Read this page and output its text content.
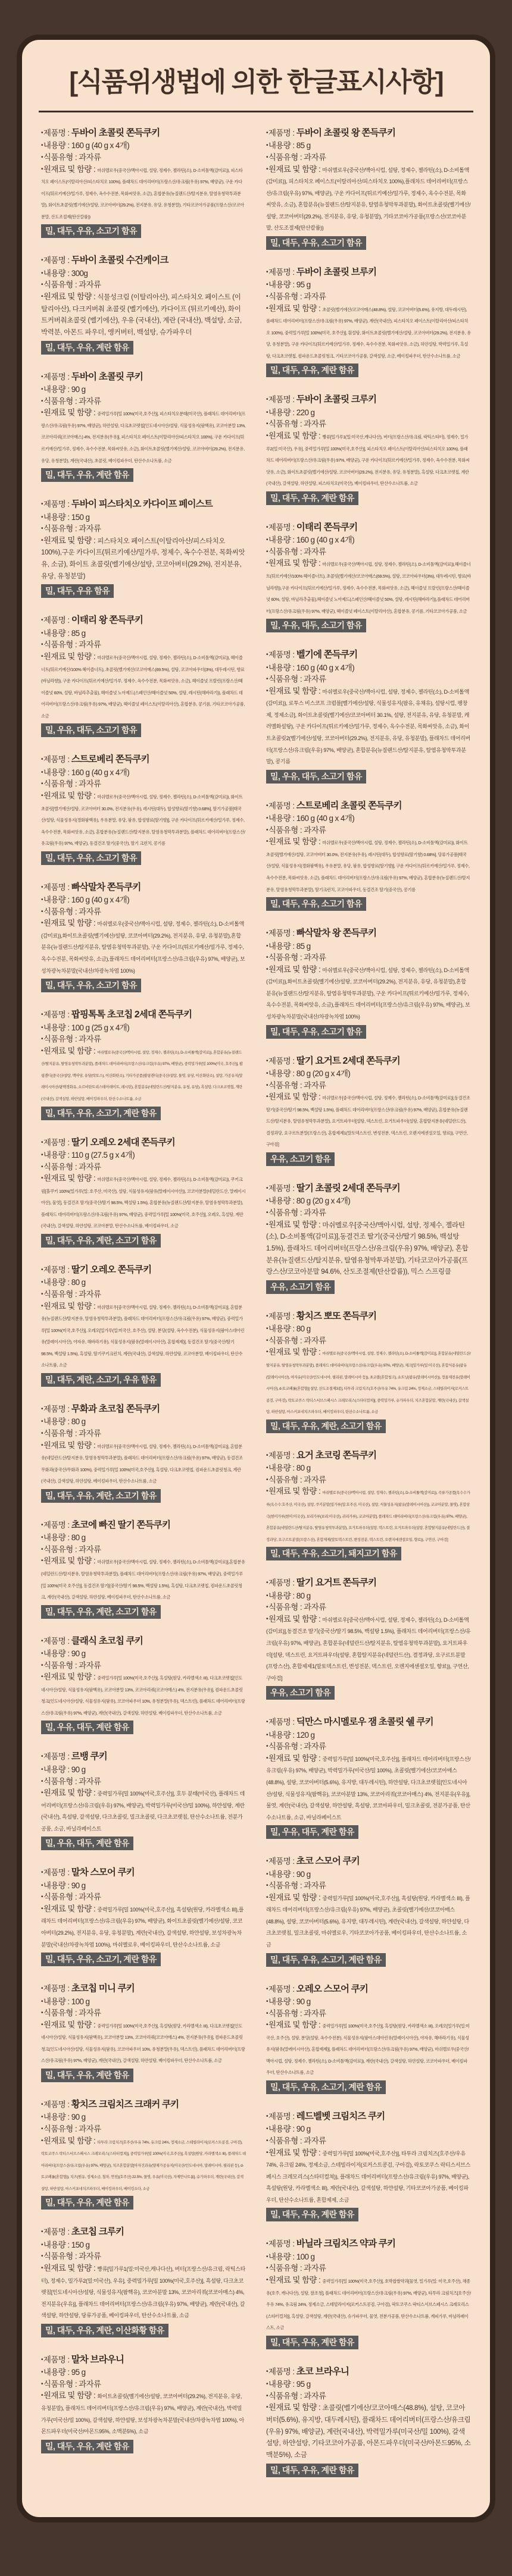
[식품위생법에 의한 한글표시사항]
•제품명 : 두바이 초콜릿 쫀득쿠키
•내용량 : 160 g (40 g x 4개)
•식품유형 : 과자류
•원재료 및 함량 : 마쉬멜로우(중국산/맥아시럽, 설탕, 정제수, 젤라틴(소), D-소비톨액(감미료)), 피스타치오 페이스트(이탈리아산/피스타치오 100%), 플래차드 데어리버터(프랑스산/유크림(우유) 97%, 배양균), 구운 카다이프(튀르키예산/밀가루, 정제수, 옥수수전분, 목화씨앗유, 소금), 혼합분유(뉴질랜드산/탈지분유, 탈염유청막투과분말), 화이트초콜릿(벨기에산/설탕, 코코아버터(29.2%), 전지분유, 유당, 유청분말), 기타코코아가공품(프랑스산/코코아분말, 산도조절제(탄산칼륨))
밀, 대두, 우유, 소고기 함유
•제품명 : 두바이 초콜릿 수건케이크
•내용량 : 300g
•식품유형 : 과자류
•원재료 및 함량 : 식물성크림 (이탈리아산), 피스타치오 페이스트 (이탈리아산), 다크커버춰 초콜릿 (벨기에산), 카다이프 (튀르키예산), 화이트커버춰초콜릿 (벨기에산), 우유 (국내산), 계란 (국내산), 백설탕, 소금, 박력분, 아몬드 파우더, 앵커버터, 백설탕, 슈가파우더
밀, 대두, 우유, 계란 함유
•제품명 : 두바이 초콜릿 쿠키
•내용량 : 90 g
•식품유형 : 과자류
•원재료 및 함량 : 중력밀가루[밀 100%(미국,호주산)], 피스타치오분태(미국산), 플래차드 데어리버터(프랑스산/유크림(우유) 97%, 배양균), 하얀설탕, 다크초코렛칩[인도네시아산/설탕, 식물성유지(팜핵유), 코코아분말 13%, 코코아리쿼(코코아매스) 4%, 전지분유(우유)], 피스타치오 페이스트(이탈리아산/피스타치오 100%), 구운 카다이프(튀르키예산/밀가루, 정제수, 옥수수전분, 목화씨앗유, 소금), 화이트초콜릿(벨기에산/설탕, 코코아버터(29.2%), 전지분유, 유당, 유청분말), 계란(국내산), 초콜릿, 베이킹파우더, 탄산수소나트륨, 소금
밀, 대두, 우유, 계란 함유
•제품명 : 두바이 피스타치오 카다이프 페이스트
•내용량 : 150 g
•식품유형 : 과자류
•원재료 및 함량 : 피스타치오 페이스트(이탈리아산/피스타치오 100%),구운 카다이프(튀르키예산/밀가루, 정제수, 옥수수전분, 목화씨앗유, 소금), 화이트 초콜릿(벨기에산/설탕, 코코아버터(29.2%), 전지분유, 유당, 유청분말)
밀, 대두, 우유 함유
•제품명 : 이태리 왕 쫀득쿠키
•내용량 : 85 g
•식품유형 : 과자류
•원재료 및 함량 : 마쉬멜로우(중국산/맥아시럽, 설탕, 정제수, 젤라틴(소), D-소비톨액(감미료)), 헤이즐너트(튀르키예산/100% 헤이즐너트), 초콜릿(벨기에산/코코아매스(69.5%), 설탕, 코코아파우더(3%), 대두레시틴, 향료(바닐라향)), 구운 카다이프(튀르키예산/밀가루, 정제수, 옥수수전분, 목화씨앗유, 소금), 헤이즐넛 프랄린(프랑스산/헤이즐넛 60%, 설탕, 바닐라추출물), 헤이즐넛 노아제드(스페인산/헤이즐넛 50%, 설탕, 레시틴(해바라기)), 플래차드 데어리버터(프랑스산/유크림(우유) 97%, 배양균), 헤이즐넛 페이스트(이탈리아산), 혼합분유, 콩기름, 기타코코아가공품, 소금
밀, 우유, 대두, 소고기 함유
•제품명 : 스트로베리 쫀득쿠키
•내용량 : 160 g (40 g x 4개)
•식품유형 : 과자류
•원재료 및 함량 : 마쉬멜로우(중국산/맥아시럽, 설탕, 정제수, 젤라틴(소), D-소비톨액(감미료)), 화이트초콜릿[벨기에산/설탕, 코코아버터 30.0%, 전지분유(우유), 레시틴(대두), 합성향료(딸기향) 0.68%], 딸기가공품[태국산/설탕, 식물성유지(경화팜핵유), 우유분말, 유당, 팜유, 합성향료(딸기향)], 구운 카다이프(튀르키예산/밀가루, 정제수, 옥수수전분, 목화씨앗유, 소금), 혼합분유(뉴질랜드산/탈지분유, 탈염유청막투과분말), 플래차드 데어리버터(프랑스산/유크림(우유) 97%, 배양균), 동결건조 딸기(중국산), 딸기 크런치, 콩기름
밀, 대두, 우유, 소고기 함유
•제품명 : 빠삭말차 쫀득쿠키
•내용량 : 160 g (40 g x 4개)
•식품유형 : 과자류
•원재료 및 함량 : 마쉬멜로우(중국산/맥아시럽, 설탕, 정제수, 젤라틴(소), D-소비톨액(감미료)),화이트초콜릿(벨기에산/설탕, 코코아버터(29.2%), 전지분유, 유당, 유청분말),혼합분유(뉴질랜드산/탈지분유, 탈염유청막투과분말), 구운 카다이프(튀르키예산/밀가루, 정제수, 옥수수전분, 목화씨앗유, 소금),플래차드 데어리버터(프랑스산/유크림(우유) 97%, 배양균), 보성차광녹차분말(국내산/차광녹차엽 100%)
밀, 대두, 우유, 소고기 함유
•제품명 : 팝핑톡톡 초코칩 2세대 쫀득쿠키
•내용량 : 100 g (25 g x 4개)
•식품유형 : 과자류
•원재료 및 함량 : 마쉬멜로우(중국산/맥아시럽, 설탕, 정제수, 젤라틴(소), D-소비톨액(감미료)), 혼합분유(뉴질랜드산/탈지분유, 탈염유청막투과분말), 플래차드 데어리버터(프랑스산/유크림(우유) 97%, 배양균), 중력밀가루[밀 100%(미국, 호주산)], 팝핑캔디(중국산/설탕, 맥아당, 유당(락토스), 이산화탄소), 기타가공품(팝핑캔디(중국산/설탕, 물엿, 유당, 이산화탄소), 설탕, 가공유지(말레이시아산/팜핵경화유, 소르비탄트리스테아레이트, 레시틴), 혼합분유(네덜란드산/탈지분유, 유청, 유당), 흑설탕, 다크초코렛칩, 계란(국내산), 갈색설탕, 하얀설탕, 베이킹파우더, 탄산수소나트륨, 소금
밀, 대두, 우유, 소고기, 계란 함유
•제품명 : 딸기 오레오 2세대 쫀득쿠키
•내용량 : 110 g (27.5 g x 4개)
•식품유형 : 과자류
•원재료 및 함량 : 마쉬멜로우(중국산/맥아시럽, 설탕, 정제수, 젤라틴(소), D-소비톨액(감미료)), 쿠키크럼[홀쿠키 100%(밀가루(밀: 호주산, 미국산), 설탕, 식물성유지(팜유(말레이시아산)), 코코아분말(네덜란드산, 말레이시아산), 물엿], 동결건조 딸기(중국산/딸기 98.5%, 백설탕 1.5%), 혼합분유(뉴질랜드산/탈지분유, 탈염유청막투과분말), 플래차드 데어리버터(프랑스산/유크림(우유) 97%, 배양균), 중력밀가루[밀 100%(미국, 호주산)], 오레오, 흑설탕, 계란(국내산), 갈색설탕, 하얀설탕, 코코아분말, 탄산수소나트륨, 베이킹파우더, 소금
밀, 대두, 우유, 계란, 소고기 함유
•제품명 : 딸기 오레오 쫀득쿠키
•내용량 : 80 g
•식품유형 : 과자류
•원재료 및 함량 : 마쉬멜로우[중국산/맥아시럽, 설탕, 정제수, 젤라틴(소), D-소비톨액(감미료)], 혼합분유(뉴질랜드산/탈지분유, 탈염유청막투과분말), 플래차드 데어리버터(프랑스산/유크림(우유) 97%, 배양균), 중력밀가루[밀 100%(미국,호주산)], 오레오[밀가루(밀:미국산, 호주산), 설탕, 분당(설탕, 옥수수전분), 식물성유지(팜아스데아린유(말레이시아산), 야자유, 해바라기유), 식물성유지(팜유(말레이시아산), 혼합제제)], 동결건조 딸기(중국산/딸기 98.5%, 백설탕 1.5%), 흑설탕, 딸기쿠키크런치, 계란(국내산), 갈색설탕, 하얀설탕, 코코아분말, 베이킹파우더, 탄산수소나트륨, 소금
밀, 대두, 계란, 소고기, 우유 함유
•제품명 : 무화과 초코칩 쫀득쿠키
•내용량 : 80 g
•식품유형 : 과자류
•원재료 및 함량 : 마쉬멜로우[중국산/맥아시럽, 설탕, 정제수, 젤라틴(소), D-소비톨액(감미료)], 혼합분유(네덜란드산/탈지분유, 탈염유청막투과분말), 플래차드 데어리버터(프랑스산/유크림(우유) 97%, 배양균), 동결건조 무화과(중국산/무화과 100%), 중력밀가루[밀 100%(미국,호주산)], 흑설탕, 다크초코렛칩, 컴파운드초콜릿청크, 계란(국내산), 갈색설탕, 하얀설탕, 베이킹파우더, 탄산수소나트륨, 소금
밀, 대두, 우유, 계란, 소고기 함유
•제품명 : 초코에 빠진 딸기 쫀득쿠키
•내용량 : 80 g
•식품유형 : 과자류
•원재료 및 함량 : 마쉬멜로우[중국산/맥아시럽, 설탕, 정제수, 젤라틴(소), D-소비톨액(감미료)],혼합분유(네덜란드산/탈지분유, 탈염유청막투과분말), 플래차드 데어리버터(프랑스산/유크림(우유) 97%, 배양균), 중력밀가루[밀 100%(미국 호주산)], 동결건조 딸기[(중국산/딸기 98.5%, 백설탕 1.5%), 흑설탕, 다크초코렛칩, 컴파운드초콜릿청크, 계란(국내산), 갈색설탕, 하얀설탕, 베이킹파우더, 탄산수소나트륨, 소금
밀, 대두, 우유, 계란, 소고기 함유
•제품명 : 클래식 초코칩 쿠키
•내용량 : 90 g
•식품유형 : 과자류
•원재료 및 함량 : 중력밀가루[밀 100%(미국,호주산)], 흑설탕(원당, 카라멜색소 III), 다크초코렛칩[인도네시아산/설탕, 식물성유지(팜핵유), 코코아분말 13%, 코코아리쿼(코코아매스) 4%, 전지분유(우유)], 컴파운드초콜릿청크(인도네시아산/설탕, 식물성유지(팜유), 코코아파우더 10%, 유청분말(우유), 덱스트린), 플래차드 데어리버터(프랑스산/유크림(우유) 97%, 배양균), 계란(국내산), 갈색설탕, 하얀설탕, 베이킹파우더, 탄산수소나트륨, 소금
밀, 우유, 대두, 계란 함유
•제품명 : 르뱅 쿠키
•내용량 : 90 g
•식품유형 : 과자류
•원재료 및 함량 : 중력밀가루[밀 100%(미국,호주산)], 호두 분태(미국산), 플래차드 데어리버터(프랑스산/유크림(우유) 97%, 배양균), 박력밀가루(미국산/밀 100%), 하얀설탕, 계란(국내산), 흑설탕, 갈색설탕, 다크초콜릿, 밀크초콜릿, 다크초코렛칩, 탄산수소나트륨, 전분가공품, 소금, 바닐라페이스트
밀, 우유, 대두, 계란 함유
•제품명 : 말차 스모어 쿠키
•내용량 : 90 g
•식품유형 : 과자류
•원재료 및 함량 : 중력밀가루[밀 100%(미국,호주산)], 흑설탕(원당, 카라멜색소 III),플래차드 데어리버터(프랑스산/유크림(우유) 97%, 배양균), 화이트초콜릿(벨기에산/설탕, 코코아버터(29.2%), 전지분유, 유당, 유청분말), 계란(국내산), 갈색설탕, 하얀설탕, 보성차광녹차분말(국내산/차광녹차엽 100%), 마쉬멜로우, 베이킹파우더, 탄산수소나트륨, 소금
밀, 대두, 우유, 소고기, 계란 함유
•제품명 : 초코칩 미니 쿠키
•내용량 : 100 g
•식품유형 : 과자류
•원재료 및 함량 : 중력밀가루[밀 100%(미국,호주산)], 흑설탕(원당, 카라멜색소 III), 다크초코렛칩[인도네시아산/설탕, 식물성유지(팜핵유), 코코아분말 13%, 코코아리쿼(코코아매스) 4%, 전지분유(우유)], 컴파운드초콜릿청크(인도네시아산/설탕, 식물성유지(팜유), 코코아파우더 10%, 유청분말(우유), 덱스트린), 플래차드 데어리버터(프랑스산/유크림(우유) 97%, 배양균), 계란(국내산), 갈색설탕, 하얀설탕, 베이킹파우더, 탄산수소나트륨, 소금
밀, 대두, 우유, 계란 함유
•제품명 : 황치즈 크림치즈 크래커 쿠키
•내용량 : 90 g
•식품유형 : 과자류
•원재료 및 함량 : 타투라 크림치즈[호주산/우유 74%, 유크림 24%, 정제소금, 스테빌라이저(로커스트콩검, 구아검), 락토코쿠스 락티스서브스페시스 크레모리스(스타터컬쳐)], 중력밀가루[밀 100%(미국,호주산)], 흑설탕(원당, 카라멜색소 III), 플래차드 데어리버터(프랑스산/유크림(우유) 97%, 배양균), 치즈혼합분말[아자건과유(양제가공유지(미국산/인도네시아, 말레이시아, 필리핀 등), d-토코페롤(혼합형)), 치즈(원유, 정제소금, 첨차, 연친)(호주산) 22.5%, 물엿, 우유(미국산), 자제안나트륨], 슈가파우더, 계란(국내산), 갈색설탕, 하얀설탕, 마스커포네치즈파우더, 베이킹파우더, 베이킹소다, 소금
밀, 대두, 우유, 계란 함유
•제품명 : 초코칩 크루키
•내용량 : 150 g
•식품유형 : 과자류
•원재료 및 함량 : 빵류[밀가루1(밀:미국산,캐나다산), 버터(프랑스산/유크림, 락틱스타터), 정제수, 밀가루2(밀:미국산), 우유], 중력밀가루[밀 100%(미국,호주산)], 흑설탕, 다크초코렛칩[인도네시아산/설탕, 식물성유지(팜핵유), 코코아분말 13%, 코코아리쿼(코코아매스) 4%, 전지분유(우유)], 플래차드 데어리버터(프랑스산/유크림(우유) 97%, 배양균), 계란(국내산), 갈색설탕, 하얀설탕, 당류가공품, 베이킹파우더, 탄산수소나트륨, 소금
밀, 대두, 우유, 계란, 이산화황 함유
•제품명 : 말차 브라우니
•내용량 : 95 g
•식품유형 : 과자류
•원재료 및 함량 : 화이트초콜릿(벨기에산/설탕, 코코아버터(29.2%), 전지분유, 유당, 유청분말), 플래차드 데어리버터(프랑스산/유크림(우유) 97%, 배양균), 계란(국내산), 박력밀가루(미국산/밀 100%), 갈색설탕, 하얀설탕, 보성차광녹차분말(국내산/차광녹차엽 100%), 아몬드파우더(미국산/아몬드95%, 소맥분5%), 소금
밀, 대두, 우유, 계란 함유
•제품명 : 두바이 초콜릿 왕 쫀득쿠키
•내용량 : 85 g
•식품유형 : 과자류
•원재료 및 함량 : 마쉬멜로우(중국산/맥아시럽, 설탕, 정제수, 젤라틴(소), D-소비톨액(감미료)), 피스타치오 페이스트(이탈리아산/피스타치오 100%),플래차드 데어리버터(프랑스산/유크림(우유) 97%, 배양균), 구운 카다이프(튀르키예산/밀가루, 정제수, 옥수수전분, 목화씨앗유, 소금), 혼합분유(뉴질랜드산/탈지분유, 탈염유청막투과분말), 화이트초콜릿(벨기에산/설탕, 코코아버터(29.2%), 전지분유, 유당, 유청분말), 기타코코아가공품(프랑스산/코코아분말, 산도조절제(탄산칼륨))
밀, 대두, 우유, 소고기 함유
•제품명 : 두바이 초콜릿 브루키
•내용량 : 95 g
•식품유형 : 과자류
•원재료 및 함량 : 초콜릿(벨기에산/코코아매스(48.8%), 설탕, 코코아버터(5.6%), 유지방, 대두레시틴), 플래차드 데어리버터(프랑스산/유크림(우유) 97%, 배양균), 계란(국내산), 피스타치오 페이스트(이탈리아산/피스타치오 100%), 중력밀가루[밀 100%(미국, 호주산)], 흰설탕, 화이트초콜릿(벨기에산/설탕, 코코아버터(29.2%), 전지분유, 유당, 유청분말), 구운 카다이프(튀르키예산/밀가루, 정제수, 옥수수전분, 목화씨앗유, 소금), 하얀설탕, 박력밀가루, 흑설탕, 다크초코렛칩, 컴파운드초콜릿청크, 기타코코아가공품, 갈색설탕, 소금, 베이킹파우더, 탄산수소나트륨, 소금
밀, 대두, 우유, 계란 함유
•제품명 : 두바이 초콜릿 크루키
•내용량 : 220 g
•식품유형 : 과자류
•원재료 및 함량 : 빵류[밀가루1(밀:미국산,캐나다산), 버터(프랑스산/유크림, 락틱스타터), 정제수, 밀가루2(밀:미국산), 우유], 중력밀가루[밀 100%(미국,호주산)], 피스타치오 페이스트(이탈리아산/피스타치오 100%), 플래차드 데어리버터(프랑스산/유크림(우유) 97%, 배양균), 구운 카다이프(튀르키예산/밀가루, 정제수, 옥수수전분, 목화씨앗유, 소금), 화이트초콜릿(벨기에산/설탕, 코코아버터(29.2%), 전지분유, 유당, 유청분말), 흑설탕, 다크초코렛칩, 계란(국내산), 갈색설탕, 하얀설탕, 피스타치오(미국산), 베이킹파우더, 탄산수소나트륨, 소금
밀, 대두, 우유, 계란 함유
•제품명 : 이태리 쫀득쿠키
•내용량 : 160 g (40 g x 4개)
•식품유형 : 과자류
•원재료 및 함량 : 마쉬멜로우(중국산/맥아시럽, 설탕, 정제수, 젤라틴(소), D-소비톨액(감미료)),헤이즐너트(튀르키예산/100% 헤이즐너트), 초콜릿(벨기에산/코코아매스(69.5%), 설탕, 코코아파우더(3%), 대두레시틴, 향료(바닐라향)),구운 카다이프(튀르키예산/밀가루, 정제수, 옥수수전분, 목화씨앗유, 소금), 헤이즐넛 프랄린(프랑스산/헤이즐넛 60%, 설탕, 바닐라추출물),헤이즐넛 노아제드(스페인산/헤이즐넛 50%, 설탕, 레시틴(해바라기)),플래차드 데어리버터(프랑스산/유크림(우유) 97%, 배양균), 헤이즐넛 페이스트(이탈리아산), 혼합분유, 콩기름, 기타코코아가공품, 소금
밀, 우유, 대두, 소고기 함유
•제품명 : 벨기에 쫀득쿠키
•내용량 : 160 g (40 g x 4개)
•식품유형 : 과자류
•원재료 및 함량 : 마쉬멜로우(중국산/맥아시럽, 설탕, 정제수, 젤라틴(소), D-소비톨액(감미료)), 로투스 비스코프 크럼블[벨기에산/설탕, 식물성유지(팜유, 유채유), 설탕시럽, 팽창제, 정제소금], 화이트초콜릿(벨기에산/코코아버터 30.1%, 설탕, 전지분유, 유당, 유청분말, 캐러멜화설탕), 구운 카다이프(튀르키예산/밀가루, 정제수, 옥수수전분, 목화씨앗유, 소금), 화이트초콜릿2(벨기에산/설탕, 코코아버터(29.2%), 전지분유, 유당, 유청분말), 플래차드 데어리버터(프랑스산/유크림(우유) 97%, 배양균), 혼합분유(뉴질랜드산/탈지분유, 탈염유청막투과분말), 콩기름
밀, 우유, 대두, 소고기 함유
•제품명 : 스트로베리 초콜릿 쫀득쿠키
•내용량 : 160 g (40 g x 4개)
•식품유형 : 과자류
•원재료 및 함량 : 마쉬멜로우(중국산/맥아시럽, 설탕, 정제수, 젤라틴(소), D-소비톨액(감미료)), 화이트초콜릿[벨기에산/설탕, 코코아버터 30.0%, 전지분유(우유), 레시틴(대두), 합성향료(딸기향) 0.68%], 당류가공품[태국산/설탕, 식물성유지(경화팜핵유), 우유분말, 유당, 팜유, 합성향료(딸기향)], 구운 카다이프(튀르키예산/밀가루, 정제수, 옥수수전분, 목화씨앗유, 소금), 플래차드 데어리버터(프랑스산/유크림(우유) 97%, 배양균), 혼합분유(뉴질랜드산/탈지분유, 탈염유청막투과분말), 딸기크런치, 코코아파우더, 동결건조 딸기(중국산), 콩기름
밀, 대두, 우유, 소고기 함유
•제품명 : 빠삭말차 왕 쫀득쿠키
•내용량 : 85 g
•식품유형 : 과자류
•원재료 및 함량 : 마쉬멜로우(중국산/맥아시럽, 설탕, 정제수, 젤라틴(소), D-소비톨액(감미료)),화이트초콜릿(벨기에산/설탕, 코코아버터(29.2%), 전지분유, 유당, 유청분말),혼합분유(뉴질랜드산/탈지분유, 탈염유청막투과분말), 구운 카다이프(튀르키예산/밀가루, 정제수, 옥수수전분, 목화씨앗유, 소금),플래차드 데어리버터(프랑스산/유크림(우유) 97%, 배양균), 보성차광녹차분말(국내산/차광녹차엽 100%)
밀, 대두, 우유, 소고기 함유
•제품명 : 딸기 요거트 2세대 쫀득쿠키
•내용량 : 80 g (20 g x 4개)
•식품유형 : 과자류
•원재료 및 함량 : 마쉬멜로우[중국산/맥아시럽, 설탕, 정제수, 젤라틴(소), D-소비톨액(감미료)],동결건조 딸기(중국산/딸기 98.5%, 백설탕 1.5%), 플래차드 데어리버터(프랑스산/유크림(우유) 97%, 배양균), 혼합분유(뉴질랜드산/탈지분유, 탈염유청막투과분말), 요거트파우더[설탕, 덱스트린, 요거트파우더(설탕, 혼합탈지분유(네덜란드산), 결정과당, 요구르트분말(프랑스산), 혼합제제1(말토덱스트린, 변성전분, 덱스트린, 오렌지에센셜오일, 향료)), 구연산, 구아검]
우유, 소고기 함유
•제품명 : 딸기 초콜릿 2세대 쫀득쿠키
•내용량 : 80 g (20 g x 4개)
•식품유형 : 과자류
•원재료 및 함량 : 마쉬멜로우[중국산/맥아시럽, 설탕, 정제수, 젤라틴(소), D-소비톨액(감미료)],동결건조 딸기(중국산/딸기 98.5%, 백설탕 1.5%), 플래차드 데어리버터(프랑스산/유크림(우유) 97%, 배양균), 혼합분유(뉴질랜드산/탈지분유, 탈염유청막투과분말), 기타코코아가공품(프랑스산/코코아분말 94.6%, 산도조절제(탄산칼륨)), 믹스 스프링클
우유, 소고기 함유
•제품명 : 황치즈 뽀또 쫀득쿠키
•내용량 : 80 g
•식품유형 : 과자류
•원재료 및 함량 : 마쉬멜로우[중국산/맥아시럽, 설탕, 정제수, 젤라틴(소), D-소비톨액(감미료)], 혼합분유(네덜란드산/탈지분유, 탈염유청막투과분말), 플래차드 데어리버터(프랑스산/유크림(우유) 97%, 배양균), 체크[밀가루(밀:미국산), 혼합식용유(팜유(말레이시아산), 야자유(미국산/인도네시아, 필리핀, 말레이시아 등)), 초코볼(혼합청크), 쇼트닝(팜유(말레이시아산)), 정울제전유(말레이시아산), d-토코페롤(혼합형)] 설탕, 산도조절제3종], 타투라 크림치즈(호주산/우유 74%, 유크림 24%, 정제소금, 스테빌라이저(로커스트콩검, 구아검), 락토코쿠스 락티스서브스페시스 크레모리스(스타터컬처)], 중력밀가루, 슈가파우더, 치즈혼합분말, 계란(국내산), 갈색설탕, 하얀설탕, 마스커포네치즈파우더, 베이킹파우더, 탄산수소나트륨, 소금
밀, 대두, 우유, 계란, 소고기 함유
•제품명 : 요거 초코링 쫀득쿠키
•내용량 : 80 g
•식품유형 : 과자류
•원재료 및 함량 : 마쉬멜로우(중국산/맥아시럽, 설탕, 정제수, 젤라틴(소), D-소비톨액(감미료)), 곡류가공품[옥수수가루(옥수수:호주산, 미국산), 설탕, 쿠키분말(밀가루(밀:호주산, 미국산), 설탕, 식물성유지(팜유(말레이시아산)), 코코아분말, 물엿), 혼합삼극(현미가루(현미:미국산), 보리가루(보리:미국산), 귀리가루), 코코아분말], 플래차드 데어리버터(프랑스산/유크림(우유) 97%, 배양균), 혼합분유(네덜란드산/탈지분유, 탈염유청막투과분말), 요거트파우더(설탕, 덱스트린, 요거트파우더(설탕, 혼합탈지분유(네덜란드산), 결정과당, 요구르트분말(프랑스산), 혼합제제(말토덱스트린, 변성전분, 덱스트린, 오렌지에센셜오일, 향료)), 구연산, 구아검]
밀, 대두, 우유, 소고기, 돼지고기 함유
•제품명 : 딸기 요거트 쫀득쿠키
•내용량 : 80 g
•식품유형 : 과자류
•원재료 및 함량 : 마쉬멜로우[중국산/맥아시럽, 설탕, 정제수, 젤라틴(소), D-소비톨액(감미료)],동결건조 딸기(중국산/딸기 98.5%, 백설탕 1.5%), 플래차드 데어리버터(프랑스산/유크림(우유) 97%, 배양균), 혼합분유(네덜란드산/탈지분유, 탈염유청막투과분말), 요거트파우더[설탕, 덱스트린, 요거트파우더(설탕, 혼합탈지분유(네덜란드산), 결정과당, 요구르트분말(프랑스산), 혼합제제1(말토덱스트린, 변성전분, 덱스트린, 오렌지에센셜오일, 향료)), 구연산, 구아검]
우유, 소고기 함유
•제품명 : 딕만스 마시멜로우 잼 초콜릿 쉘 쿠키
•내용량 : 120 g
•식품유형 : 과자류
•원재료 및 함량 : 중력밀가루[밀 100%(미국,호주산)], 플래차드 데어리버터(프랑스산/유크림(우유) 97%, 배양균), 박력밀가루(미국산/밀 100%), 초콜릿(벨기에산/코코아매스(48.8%), 설탕, 코코아버터(5.6%), 유지방, 대두레시틴), 하얀설탕, 다크초코렛칩[인도네시아산/설탕, 식물성유지(팜핵유), 코코아분말 13%, 코코아리쿼(코코아매스) 4%, 전지분유(우유)], 물엿, 계란(국내산), 갈색설탕, 하얀설탕, 흑설탕, 코코아파우더, 밀크초콜릿, 전분가공품, 탄산수소나트륨, 소금, 바닐라페이스트
밀, 우유, 대두, 계란 함유
•제품명 : 초코 스모어 쿠키
•내용량 : 90 g
•식품유형 : 과자류
•원재료 및 함량 : 중력밀가루[밀 100%(미국,호주산)], 흑설탕(원당, 카라멜색소 III), 플래차드 데어리버터(프랑스산/유크림(우유) 97%, 배양균), 초콜릿(벨기에산/코코아매스(48.8%), 설탕, 코코아버터(5.6%), 유지방, 대두레시틴), 계란(국내산), 갈색설탕, 하얀설탕, 다크초코렛칩, 밀크초콜릿, 마쉬멜로우, 기타코코아가공품, 베이킹파우더, 탄산수소나트륨, 소금
밀, 대두, 우유, 소고기, 계란 함유
•제품명 : 오레오 스모어 쿠키
•내용량 : 90 g
•식품유형 : 과자류
•원재료 및 함량 : 중력밀가루[밀 100%(미국,호주산)], 흑설탕(원당, 카라멜색소 III), 오레오[밀가루(밀:미국산, 호주산), 설탕, 분당(설탕, 옥수수전분), 식물성유지(팜아스데아린유(말레이시아산), 야자유, 해바라기유), 식물성유지(팜유(말레이시아산), 혼합제제)], 플래차드 데어리버터(프랑스산/유크림(우유) 97%, 배양균), 마쉬멜로우(중국산/맥아시럽, 설탕, 정제수, 젤라틴(소), D-소비톨액(감미료)), 계란(국내산), 갈색설탕, 하얀설탕, 코코아파우더, 베이킹파우더, 탄산수소나트륨, 소금
밀, 대두, 우유, 소고기, 계란 함유
•제품명 : 레드벨벳 크림치즈 쿠키
•내용량 : 90 g
•식품유형 : 과자류
•원재료 및 함량 : 중력밀가루[밀 100%(미국,호주산)], 타투라 크림치즈(호주산/우유 74%, 유크림 24%, 정제소금, 스테빌라이저(로커스트콩검, 구아검), 락토코쿠스 락티스서브스페시스 크레모리스(스타터컬쳐)), 플래차드 데어리버터(프랑스산/유크림(우유) 97%, 배양균), 흑설탕(원당, 카라멜색소 III), 계란(국내산), 갈색설탕, 하얀설탕, 기타코코아가공품, 베이킹파우더, 탄산수소나트륨, 혼합제제, 소금
밀, 대두, 우유, 계란 함유
•제품명 : 바닐라 크림치즈 약과 쿠키
•내용량 : 100 g
•식품유형 : 과자류
•원재료 및 함량 : 중력밀가루[밀 100%(미국,호주산)], 호박찹쌀약과[물엿, 밀가루(밀: 미국,호주산), 채종유(호주, 캐나다산), 설탕, 찰조청], 플래차드 데어리버터(프랑스산/유크림(우유) 97%, 배양균), 타투라 크림치즈[호주산/우유 74%, 유크림 24%, 정제소금, 스테빌라이저(로커스트콩검, 구아검), 락토코쿠스 락티스서브스페시스 크레모리스(스타터컬쳐)], 흑설탕, 갈색설탕, 계란(국내산), 슈가파우더, 물엿, 전분가공품, 탄산수소나트륨, 계피가루, 바닐라페이스트, 소금
밀, 대두, 우유, 계란 함유
•제품명 : 초코 브라우니
•내용량 : 95 g
•식품유형 : 과자류
•원재료 및 함량 : 초콜릿(벨기에산/코코아매스(48.8%), 설탕, 코코아버터(5.6%), 유지방, 대두레시틴), 플래차드 데어리버터(프랑스산/유크림(우유) 97%, 배양균), 계란(국내산), 박력밀가루(미국산/밀 100%), 갈색설탕, 하얀설탕, 기타코코아가공품, 아몬드파우더(미국산/아몬드95%, 소맥분5%), 소금
밀, 대두, 우유, 계란 함유
